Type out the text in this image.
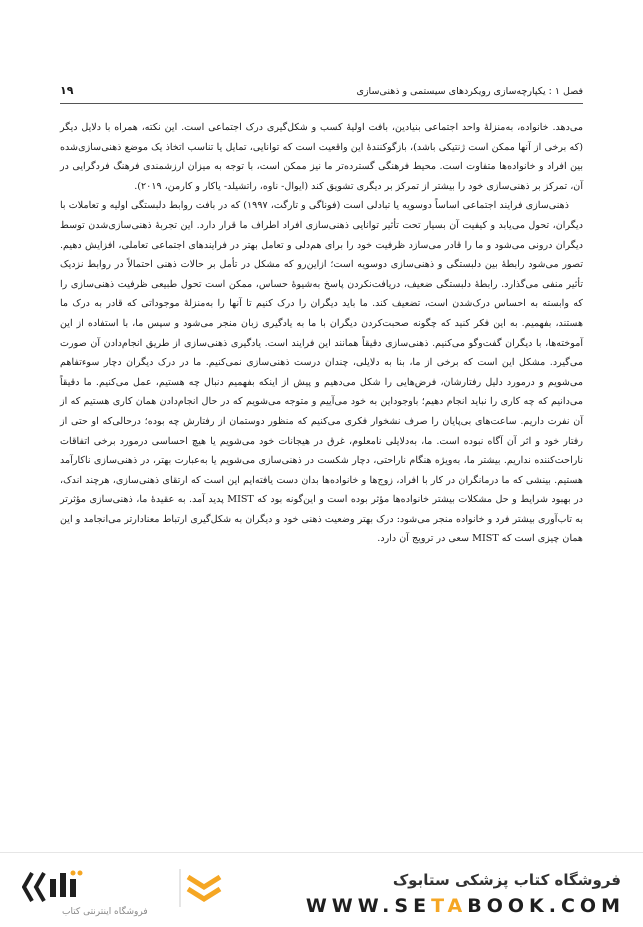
فصل ۱ : یکپارچه‌سازی رویکردهای سیستمی و ذهنی‌سازی
۱۹

می‌دهد. خانواده، به‌منزلهٔ واحد اجتماعی بنیادین، بافت اولیهٔ کسب و شکل‌گیری درک اجتماعی است. این نکته، همراه با دلایل دیگر (که برخی از آنها ممکن است ژنتیکی باشد)، بازگوکنندهٔ این واقعیت است که توانایی، تمایل یا تناسب اتخاذ یک موضع ذهنی‌سازی‌شده بین افراد و خانواده‌ها متفاوت است. محیط فرهنگی گسترده‌تر ما نیز ممکن است، با توجه به میزان ارزشمندی فرهنگ فردگرایی در آن، تمرکز بر ذهنی‌سازی خود را بیشتر از تمرکز بر دیگری تشویق کند (ایوال- ناوه، راتشیلد- یاکار و کارمن، ۲۰۱۹).

ذهنی‌سازی فرایند اجتماعی اساساً دوسویه یا تبادلی است (فوناگی و تارگت، ۱۹۹۷) که در بافت روابط دلبستگی اولیه و تعاملات با دیگران، تحول می‌یابد و کیفیت آن بسیار تحت تأثیر توانایی ذهنی‌سازی افراد اطراف ما قرار دارد. این تجربهٔ ذهنی‌سازی‌شدن توسط دیگران درونی می‌شود و ما را قادر می‌سازد ظرفیت خود را برای هم‌دلی و تعامل بهتر در فرایندهای اجتماعی تعاملی، افزایش دهیم. تصور می‌شود رابطهٔ بین دلبستگی و ذهنی‌سازی دوسویه است؛ ازاین‌رو که مشکل در تأمل بر حالات ذهنی احتمالاً در روابط نزدیک تأثیر منفی می‌گذارد. رابطهٔ دلبستگی ضعیف، دریافت‌نکردن پاسخ به‌شیوهٔ حساس، ممکن است تحول طبیعی ظرفیت ذهنی‌سازی را که وابسته به احساس درک‌شدن است، تضعیف کند. ما باید دیگران را درک کنیم تا آنها را به‌منزلهٔ موجوداتی که قادر به درک ما هستند، بفهمیم. به این فکر کنید که چگونه صحبت‌کردن دیگران با ما به یادگیری زبان منجر می‌شود و سپس ما، با استفاده از این آموخته‌ها، با دیگران گفت‌وگو می‌کنیم. ذهنی‌سازی دقیقاً همانند این فرایند است. یادگیری ذهنی‌سازی از طریق انجام‌دادن آن صورت می‌گیرد. مشکل این است که برخی از ما، بنا به دلایلی، چندان درست ذهنی‌سازی نمی‌کنیم. ما در درک دیگران دچار سوءتفاهم می‌شویم و درمورد دلیل رفتارشان، فرض‌هایی را شکل می‌دهیم و پیش از اینکه بفهمیم دنبال چه هستیم، عمل می‌کنیم. ما دقیقاً می‌دانیم که چه کاری را نباید انجام دهیم؛ باوجوداین به خود می‌آییم و متوجه می‌شویم که در حال انجام‌دادن همان کاری هستیم که از آن نفرت داریم. ساعت‌های بی‌پایان را صرف نشخوار فکری می‌کنیم که منظور دوستمان از رفتارش چه بوده؛ درحالی‌که او حتی از رفتار خود و اثر آن آگاه نبوده است. ما، به‌دلایلی نامعلوم، غرق در هیجانات خود می‌شویم یا هیچ احساسی درمورد برخی اتفاقات ناراحت‌کننده نداریم. بیشتر ما، به‌ویژه هنگام ناراحتی، دچار شکست در ذهنی‌سازی می‌شویم یا به‌عبارت بهتر، در ذهنی‌سازی ناکارآمد هستیم. بینشی که ما درمانگران در کار با افراد، زوج‌ها و خانواده‌ها بدان دست یافته‌ایم این است که ارتقای ذهنی‌سازی، هرچند اندک، در بهبود شرایط و حل مشکلات بیشتر خانواده‌ها مؤثر بوده است و این‌گونه بود که MIST پدید آمد. به عقیدهٔ ما، ذهنی‌سازی مؤثرتر به تاب‌آوری بیشتر فرد و خانواده منجر می‌شود: درک بهتر وضعیت ذهنی خود و دیگران به شکل‌گیری ارتباط معنادارتر می‌انجامد و این همان چیزی است که MIST سعی در ترویج آن دارد.

فروشگاه اینترنتی کتاب
فروشگاه کتاب پزشکی ستابوک
WWW.SETABOOK.COM
